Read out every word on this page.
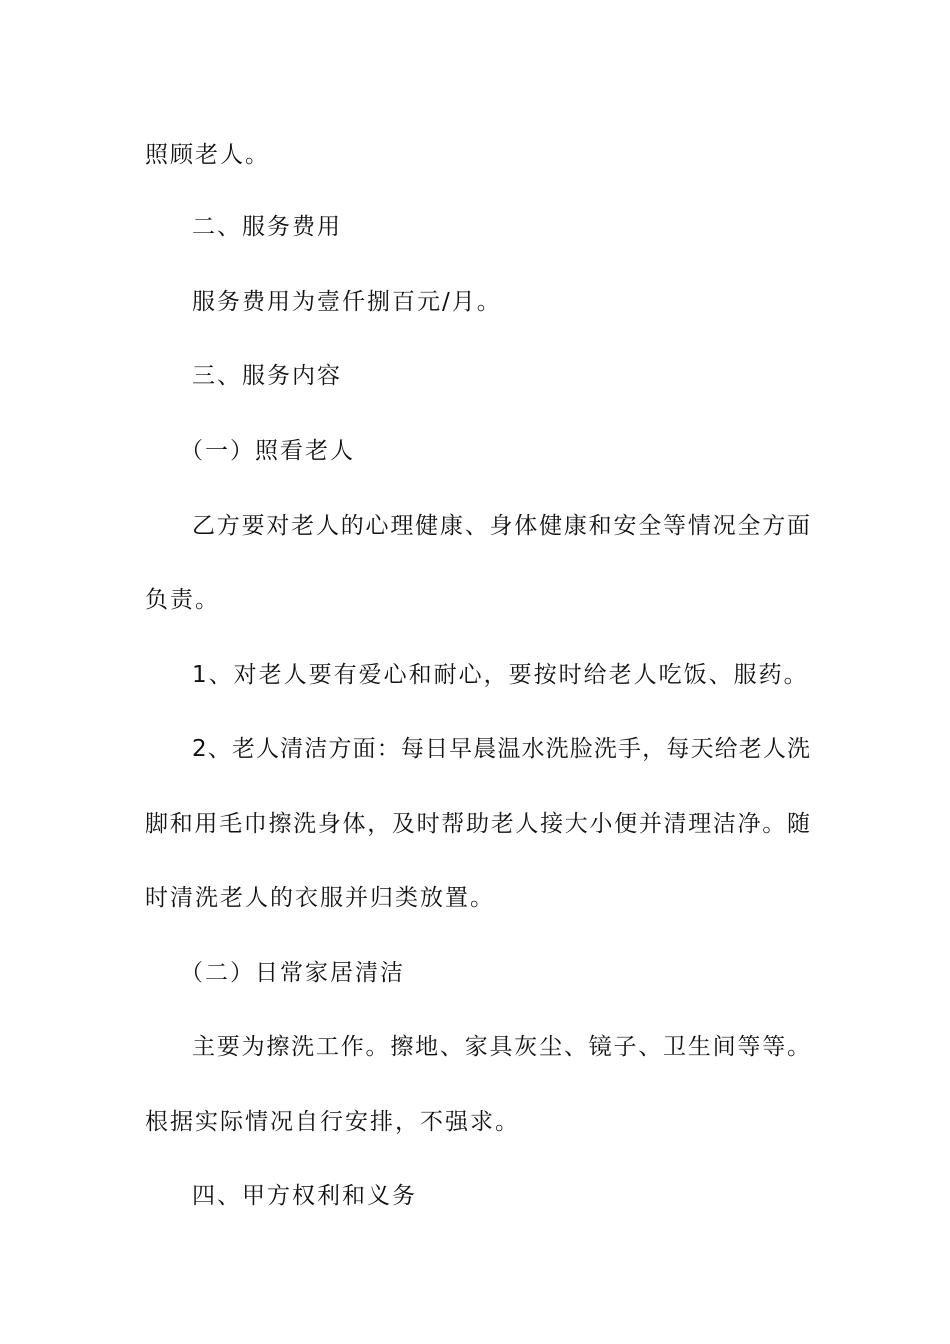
照顾老人。
二、服务费用
服务费用为壹仟捌百元/月。
三、服务内容
（一）照看老人
乙方要对老人的心理健康、身体健康和安全等情况全方面
负责。
1、对老人要有爱心和耐心，要按时给老人吃饭、服药。
2、老人清洁方面：每日早晨温水洗脸洗手，每天给老人洗
脚和用毛巾擦洗身体，及时帮助老人接大小便并清理洁净。随
时清洗老人的衣服并归类放置。
（二）日常家居清洁
主要为擦洗工作。擦地、家具灰尘、镜子、卫生间等等。
根据实际情况自行安排，不强求。
四、甲方权利和义务
